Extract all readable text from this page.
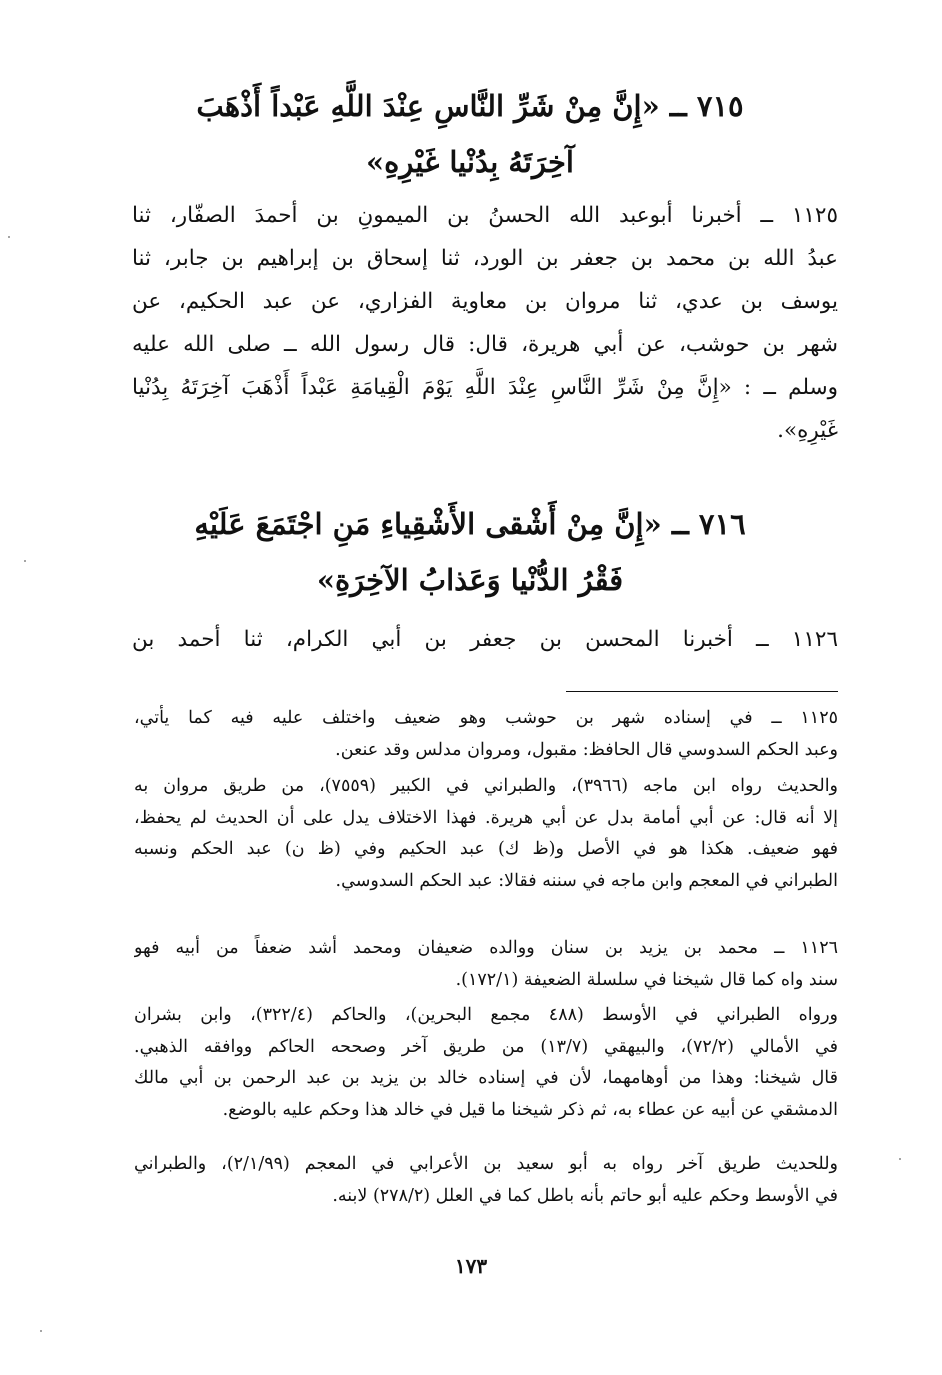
٧١٥ ــ «إِنَّ مِنْ شَرِّ النَّاسِ عِنْدَ اللَّهِ عَبْداً أَذْهَبَ
آخِرَتَهُ بِدُنْيا غَيْرِهِ»
١١٢٥ ــ أخبرنا أبوعبد الله الحسنُ بن الميمونِ بن أحمدَ الصفّار، ثنا
عبدُ الله بن محمد بن جعفر بن الورد، ثنا إسحاق بن إبراهيم بن جابر، ثنا
يوسف بن عدي، ثنا مروان بن معاوية الفزاري، عن عبد الحكيم، عن
شهر بن حوشب، عن أبي هريرة، قال: قال رسول الله ــ صلى الله عليه
وسلم ــ : «إِنَّ مِنْ شَرِّ النَّاسِ عِنْدَ اللَّهِ يَوْمَ الْقِيامَةِ عَبْداً أَذْهَبَ آخِرَتَهُ بِدُنْيا
غَيْرِهِ».
٧١٦ ــ «إِنَّ مِنْ أَشْقى الأَشْقِياءِ مَنِ اجْتَمَعَ عَلَيْهِ
فَقْرُ الدُّنْيا وَعَذابُ الآخِرَةِ»
١١٢٦ ــ أخبرنا المحسن بن جعفر بن أبي الكرام، ثنا أحمد بن
١١٢٥ ــ في إسناده شهر بن حوشب وهو ضعيف واختلف عليه فيه كما يأتي،
وعبد الحكم السدوسي قال الحافظ: مقبول، ومروان مدلس وقد عنعن.
والحديث رواه ابن ماجه (٣٩٦٦)، والطبراني في الكبير (٧٥٥٩)، من طريق مروان به
إلا أنه قال: عن أبي أمامة بدل عن أبي هريرة. فهذا الاختلاف يدل على أن الحديث لم يحفظ،
فهو ضعيف. هكذا هو في الأصل و(ظ ك) عبد الحكيم وفي (ظ ن) عبد الحكم ونسبه
الطبراني في المعجم وابن ماجه في سننه فقالا: عبد الحكم السدوسي.
١١٢٦ ــ محمد بن يزيد بن سنان ووالده ضعيفان ومحمد أشد ضعفاً من أبيه فهو
سند واه كما قال شيخنا في سلسلة الضعيفة (١٧٢/١).
ورواه الطبراني في الأوسط (٤٨٨ مجمع البحرين)، والحاكم (٣٢٢/٤)، وابن بشران
في الأمالي (٧٢/٢)، والبيهقي (١٣/٧) من طريق آخر وصححه الحاكم ووافقه الذهبي.
قال شيخنا: وهذا من أوهامهما، لأن في إسناده خالد بن يزيد بن عبد الرحمن بن أبي مالك
الدمشقي عن أبيه عن عطاء به، ثم ذكر شيخنا ما قيل في خالد هذا وحكم عليه بالوضع.
وللحديث طريق آخر رواه به أبو سعيد بن الأعرابي في المعجم (٢/١/٩٩)، والطبراني
في الأوسط وحكم عليه أبو حاتم بأنه باطل كما في العلل (٢٧٨/٢) لابنه.
١٧٣
